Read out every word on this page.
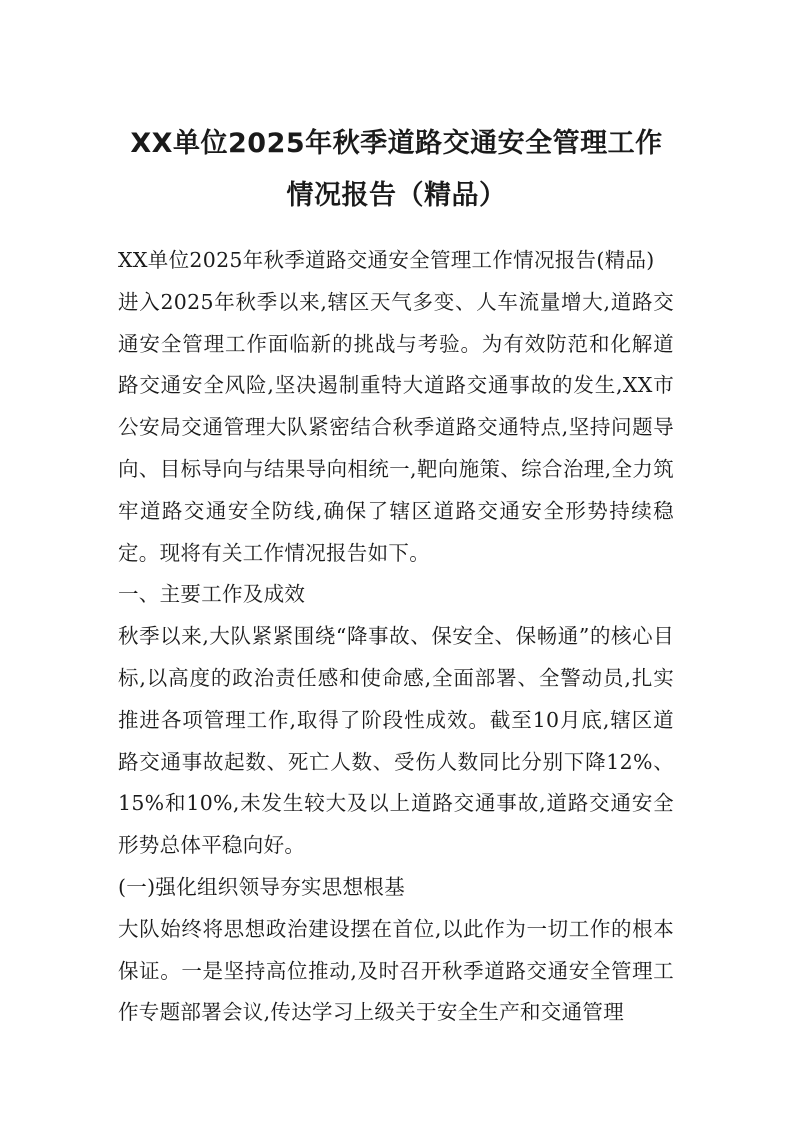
XX单位2025年秋季道路交通安全管理工作
情况报告（精品）

XX单位2025年秋季道路交通安全管理工作情况报告(精品)

进入2025年秋季以来,辖区天气多变、人车流量增大,道路交通安全管理工作面临新的挑战与考验。为有效防范和化解道路交通安全风险,坚决遏制重特大道路交通事故的发生,XX市公安局交通管理大队紧密结合秋季道路交通特点,坚持问题导向、目标导向与结果导向相统一,靶向施策、综合治理,全力筑牢道路交通安全防线,确保了辖区道路交通安全形势持续稳定。现将有关工作情况报告如下。

一、主要工作及成效

秋季以来,大队紧紧围绕“降事故、保安全、保畅通”的核心目标,以高度的政治责任感和使命感,全面部署、全警动员,扎实推进各项管理工作,取得了阶段性成效。截至10月底,辖区道路交通事故起数、死亡人数、受伤人数同比分别下降12%、15%和10%,未发生较大及以上道路交通事故,道路交通安全形势总体平稳向好。

(一)强化组织领导夯实思想根基

大队始终将思想政治建设摆在首位,以此作为一切工作的根本保证。一是坚持高位推动,及时召开秋季道路交通安全管理工作专题部署会议,传达学习上级关于安全生产和交通管理
